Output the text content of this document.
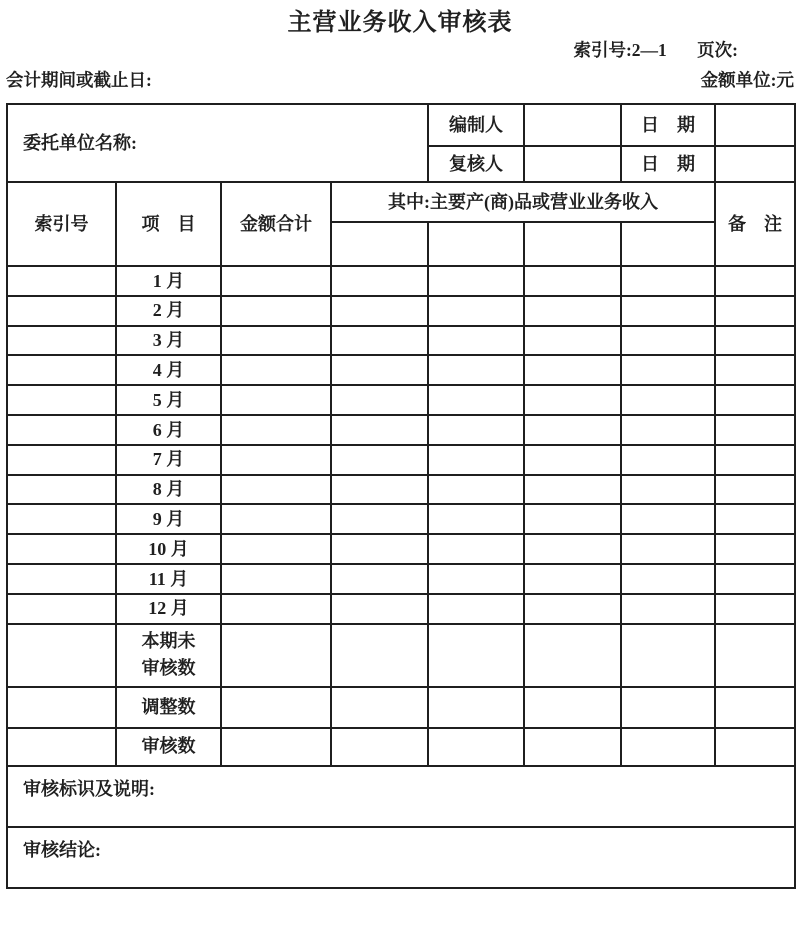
主营业务收入审核表
索引号:2—1 页次:
会计期间或截止日:	金额单位:元
委托单位名称:				编制人		日　期	
				复核人		日　期	
索引号	项　目	金额合计	其中:主要产(商)品或营业业务收入				备　注

	1 月						
	2 月						
	3 月						
	4 月						
	5 月						
	6 月						
	7 月						
	8 月						
	9 月						
	10 月						
	11 月						
	12 月						
	本期未审核数						
	调整数						
	审核数						
审核标识及说明:							
审核结论:							
